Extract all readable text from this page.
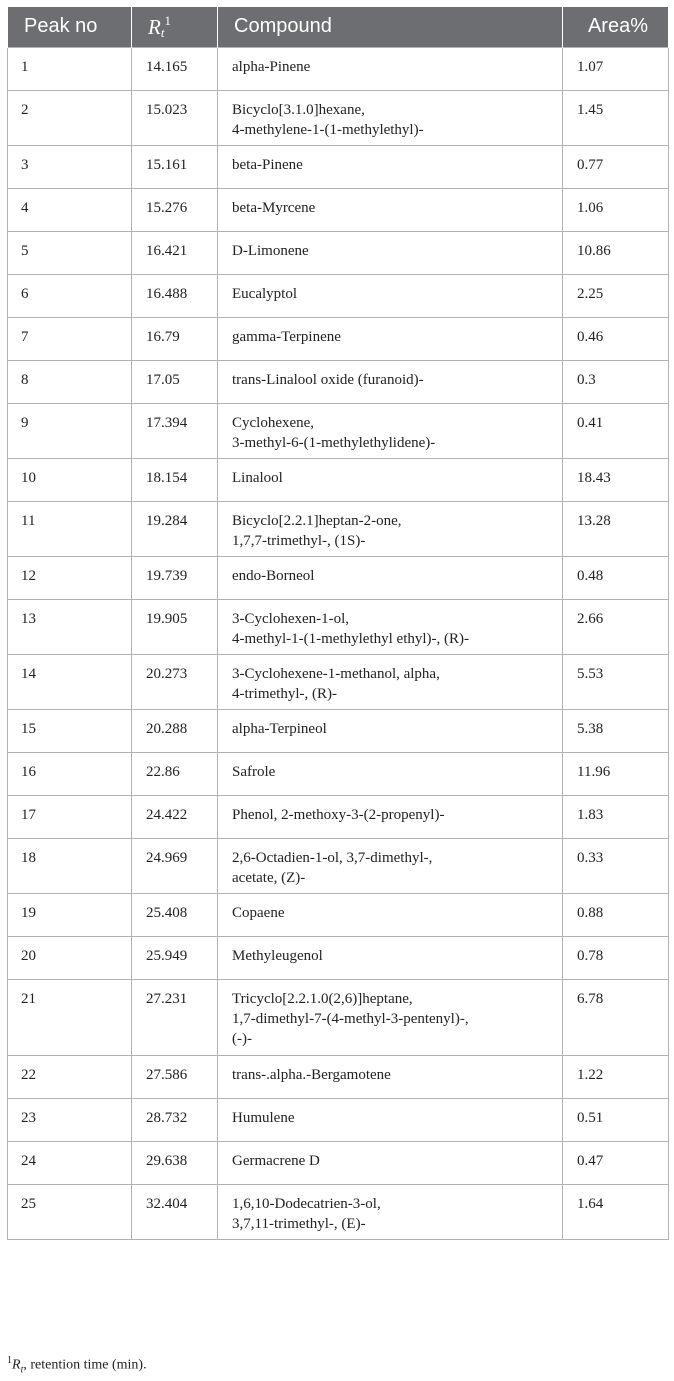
Peak no	$R_t^1$	Compound	Area%
1	14.165	alpha-Pinene	1.07
2	15.023	Bicyclo[3.1.0]hexane,
4-methylene-1-(1-methylethyl)-	1.45
3	15.161	beta-Pinene	0.77
4	15.276	beta-Myrcene	1.06
5	16.421	D-Limonene	10.86
6	16.488	Eucalyptol	2.25
7	16.79	gamma-Terpinene	0.46
8	17.05	trans-Linalool oxide (furanoid)-	0.3
9	17.394	Cyclohexene,
3-methyl-6-(1-methylethylidene)-	0.41
10	18.154	Linalool	18.43
11	19.284	Bicyclo[2.2.1]heptan-2-one,
1,7,7-trimethyl-, (1S)-	13.28
12	19.739	endo-Borneol	0.48
13	19.905	3-Cyclohexen-1-ol,
4-methyl-1-(1-methylethyl ethyl)-, (R)-	2.66
14	20.273	3-Cyclohexene-1-methanol, alpha,
4-trimethyl-, (R)-	5.53
15	20.288	alpha-Terpineol	5.38
16	22.86	Safrole	11.96
17	24.422	Phenol, 2-methoxy-3-(2-propenyl)-	1.83
18	24.969	2,6-Octadien-1-ol, 3,7-dimethyl-,
acetate, (Z)-	0.33
19	25.408	Copaene	0.88
20	25.949	Methyleugenol	0.78
21	27.231	Tricyclo[2.2.1.0(2,6)]heptane,
1,7-dimethyl-7-(4-methyl-3-pentenyl)-,
(-)-	6.78
22	27.586	trans-.alpha.-Bergamotene	1.22
23	28.732	Humulene	0.51
24	29.638	Germacrene D	0.47
25	32.404	1,6,10-Dodecatrien-3-ol,
3,7,11-trimethyl-, (E)-	1.64
$^1R_t$, retention time (min).
